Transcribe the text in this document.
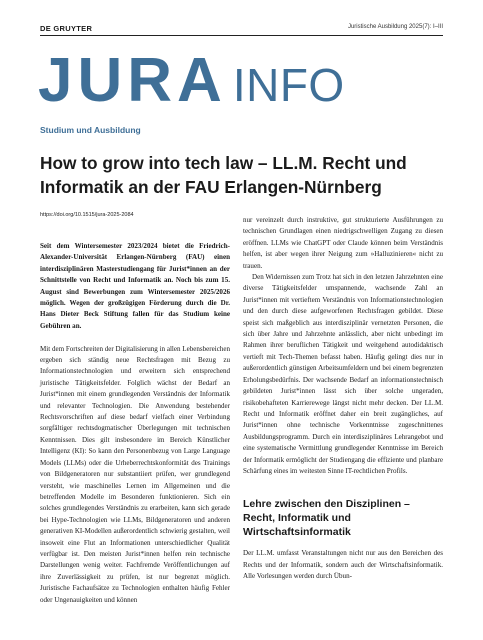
DE GRUYTER	Juristische Ausbildung 2025(7): I–III
JURA INFO
Studium und Ausbildung
How to grow into tech law – LL.M. Recht und Informatik an der FAU Erlangen-Nürnberg
https://doi.org/10.1515/jura-2025-2084

Seit dem Wintersemester 2023/2024 bietet die Friedrich-Alexander-Universität Erlangen-Nürnberg (FAU) einen interdisziplinären Masterstudiengang für Jurist*innen an der Schnittstelle von Recht und Informatik an. Noch bis zum 15. August sind Bewerbungen zum Wintersemester 2025/2026 möglich. Wegen der großzügigen Förderung durch die Dr. Hans Dieter Beck Stiftung fallen für das Studium keine Gebühren an.

Mit dem Fortschreiten der Digitalisierung in allen Lebensbereichen ergeben sich ständig neue Rechtsfragen mit Bezug zu Informationstechnologien und erweitern sich entsprechend juristische Tätigkeitsfelder. Folglich wächst der Bedarf an Jurist*innen mit einem grundlegenden Verständnis der Informatik und relevanter Technologien. Die Anwendung bestehender Rechtsvorschriften auf diese bedarf vielfach einer Verbindung sorgfältiger rechtsdogmatischer Überlegungen mit technischen Kenntnissen. Dies gilt insbesondere im Bereich Künstlicher Intelligenz (KI): So kann den Personenbezug von Large Language Models (LLMs) oder die Urheberrechtskonformität des Trainings von Bildgeneratoren nur substantiiert prüfen, wer grundlegend versteht, wie maschinelles Lernen im Allgemeinen und die betreffenden Modelle im Besonderen funktionieren. Sich ein solches grundlegendes Verständnis zu erarbeiten, kann sich gerade bei Hype-Technologien wie LLMs, Bildgeneratoren und anderen generativen KI-Modellen außerordentlich schwierig gestalten, weil insoweit eine Flut an Informationen unterschiedlicher Qualität verfügbar ist. Den meisten Jurist*innen helfen rein technische Darstellungen wenig weiter. Fachfremde Veröffentlichungen auf ihre Zuverlässigkeit zu prüfen, ist nur begrenzt möglich. Juristische Fachaufsätze zu Technologien enthalten häufig Fehler oder Ungenauigkeiten und können

nur vereinzelt durch instruktive, gut strukturierte Ausführungen zu technischen Grundlagen einen niedrigschwelligen Zugang zu diesen eröffnen. LLMs wie ChatGPT oder Claude können beim Verständnis helfen, ist aber wegen ihrer Neigung zum »Halluzinieren« nicht zu trauen.

Den Widernissen zum Trotz hat sich in den letzten Jahrzehnten eine diverse Tätigkeitsfelder umspannende, wachsende Zahl an Jurist*innen mit vertieftem Verständnis von Informationstechnologien und den durch diese aufgeworfenen Rechtsfragen gebildet. Diese speist sich maßgeblich aus interdisziplinär vernetzten Personen, die sich über Jahre und Jahrzehnte anlässlich, aber nicht unbedingt im Rahmen ihrer beruflichen Tätigkeit und weitgehend autodidaktisch vertieft mit Tech-Themen befasst haben. Häufig gelingt dies nur in außerordentlich günstigen Arbeitsumfeldern und bei einem begrenzten Erholungsbedürfnis. Der wachsende Bedarf an informationstechnisch gebildeten Jurist*innen lässt sich über solche ungeraden, risikobehafteten Karrierewege längst nicht mehr decken. Der LL.M. Recht und Informatik eröffnet daher ein breit zugängliches, auf Jurist*innen ohne technische Vorkenntnisse zugeschnittenes Ausbildungsprogramm. Durch ein interdisziplinäres Lehrangebot und eine systematische Vermittlung grundlegender Kenntnisse im Bereich der Informatik ermöglicht der Studiengang die effiziente und planbare Schärfung eines im weitesten Sinne IT-rechtlichen Profils.

Lehre zwischen den Disziplinen – Recht, Informatik und Wirtschaftsinformatik

Der LL.M. umfasst Veranstaltungen nicht nur aus den Bereichen des Rechts und der Informatik, sondern auch der Wirtschaftsinformatik. Alle Vorlesungen werden durch Übun-
